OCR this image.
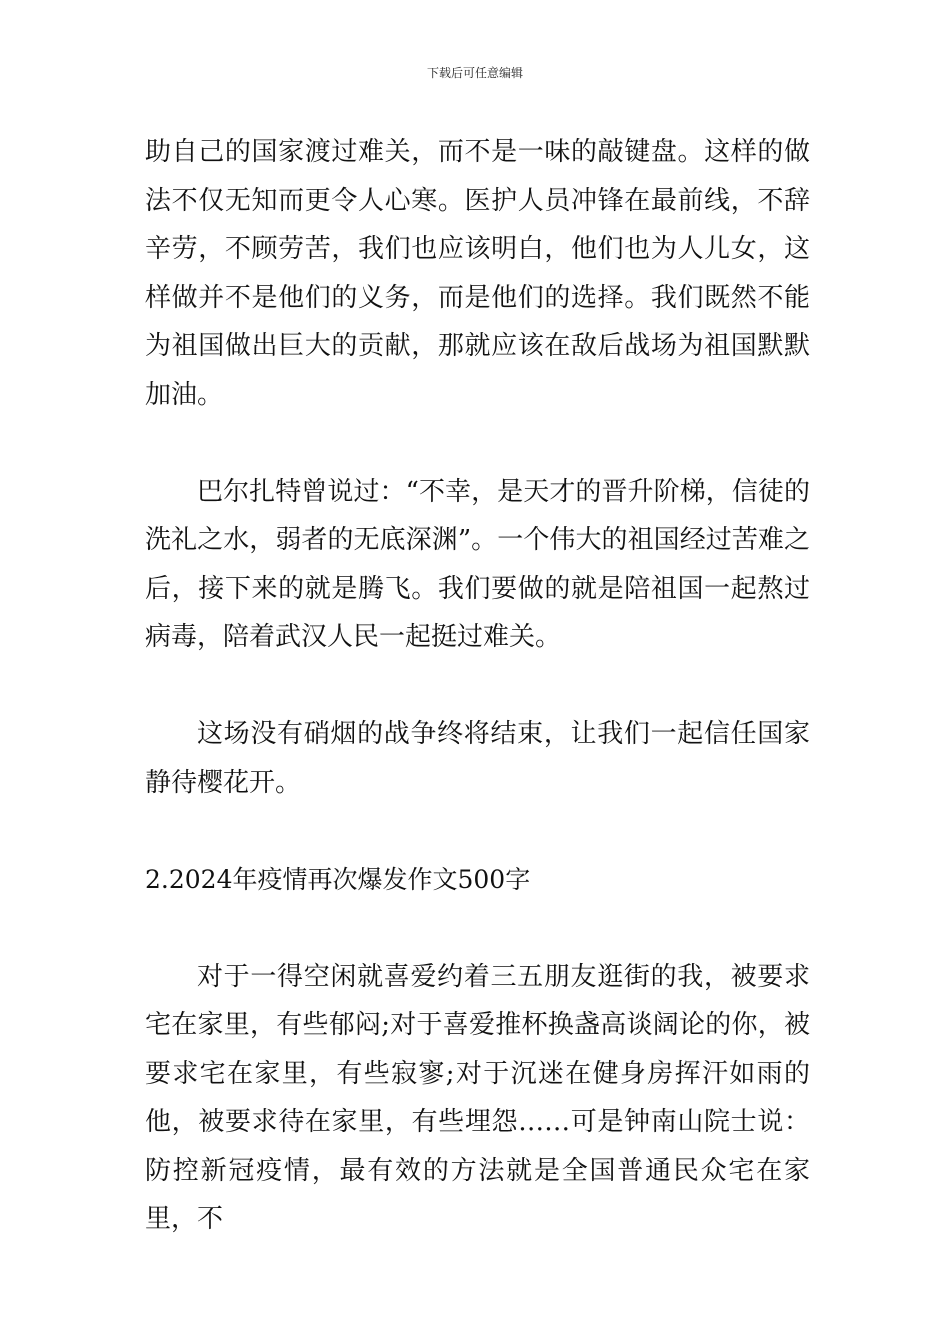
下载后可任意编辑

助自己的国家渡过难关，而不是一味的敲键盘。这样的做法不仅无知而更令人心寒。医护人员冲锋在最前线，不辞辛劳，不顾劳苦，我们也应该明白，他们也为人儿女，这样做并不是他们的义务，而是他们的选择。我们既然不能为祖国做出巨大的贡献，那就应该在敌后战场为祖国默默加油。

巴尔扎特曾说过：“不幸，是天才的晋升阶梯，信徒的洗礼之水，弱者的无底深渊”。一个伟大的祖国经过苦难之后，接下来的就是腾飞。我们要做的就是陪祖国一起熬过病毒，陪着武汉人民一起挺过难关。

这场没有硝烟的战争终将结束，让我们一起信任国家静待樱花开。

2.2024年疫情再次爆发作文500字

对于一得空闲就喜爱约着三五朋友逛街的我，被要求宅在家里，有些郁闷;对于喜爱推杯换盏高谈阔论的你，被要求宅在家里，有些寂寥;对于沉迷在健身房挥汗如雨的他，被要求待在家里，有些埋怨……可是钟南山院士说：防控新冠疫情，最有效的方法就是全国普通民众宅在家里，不
